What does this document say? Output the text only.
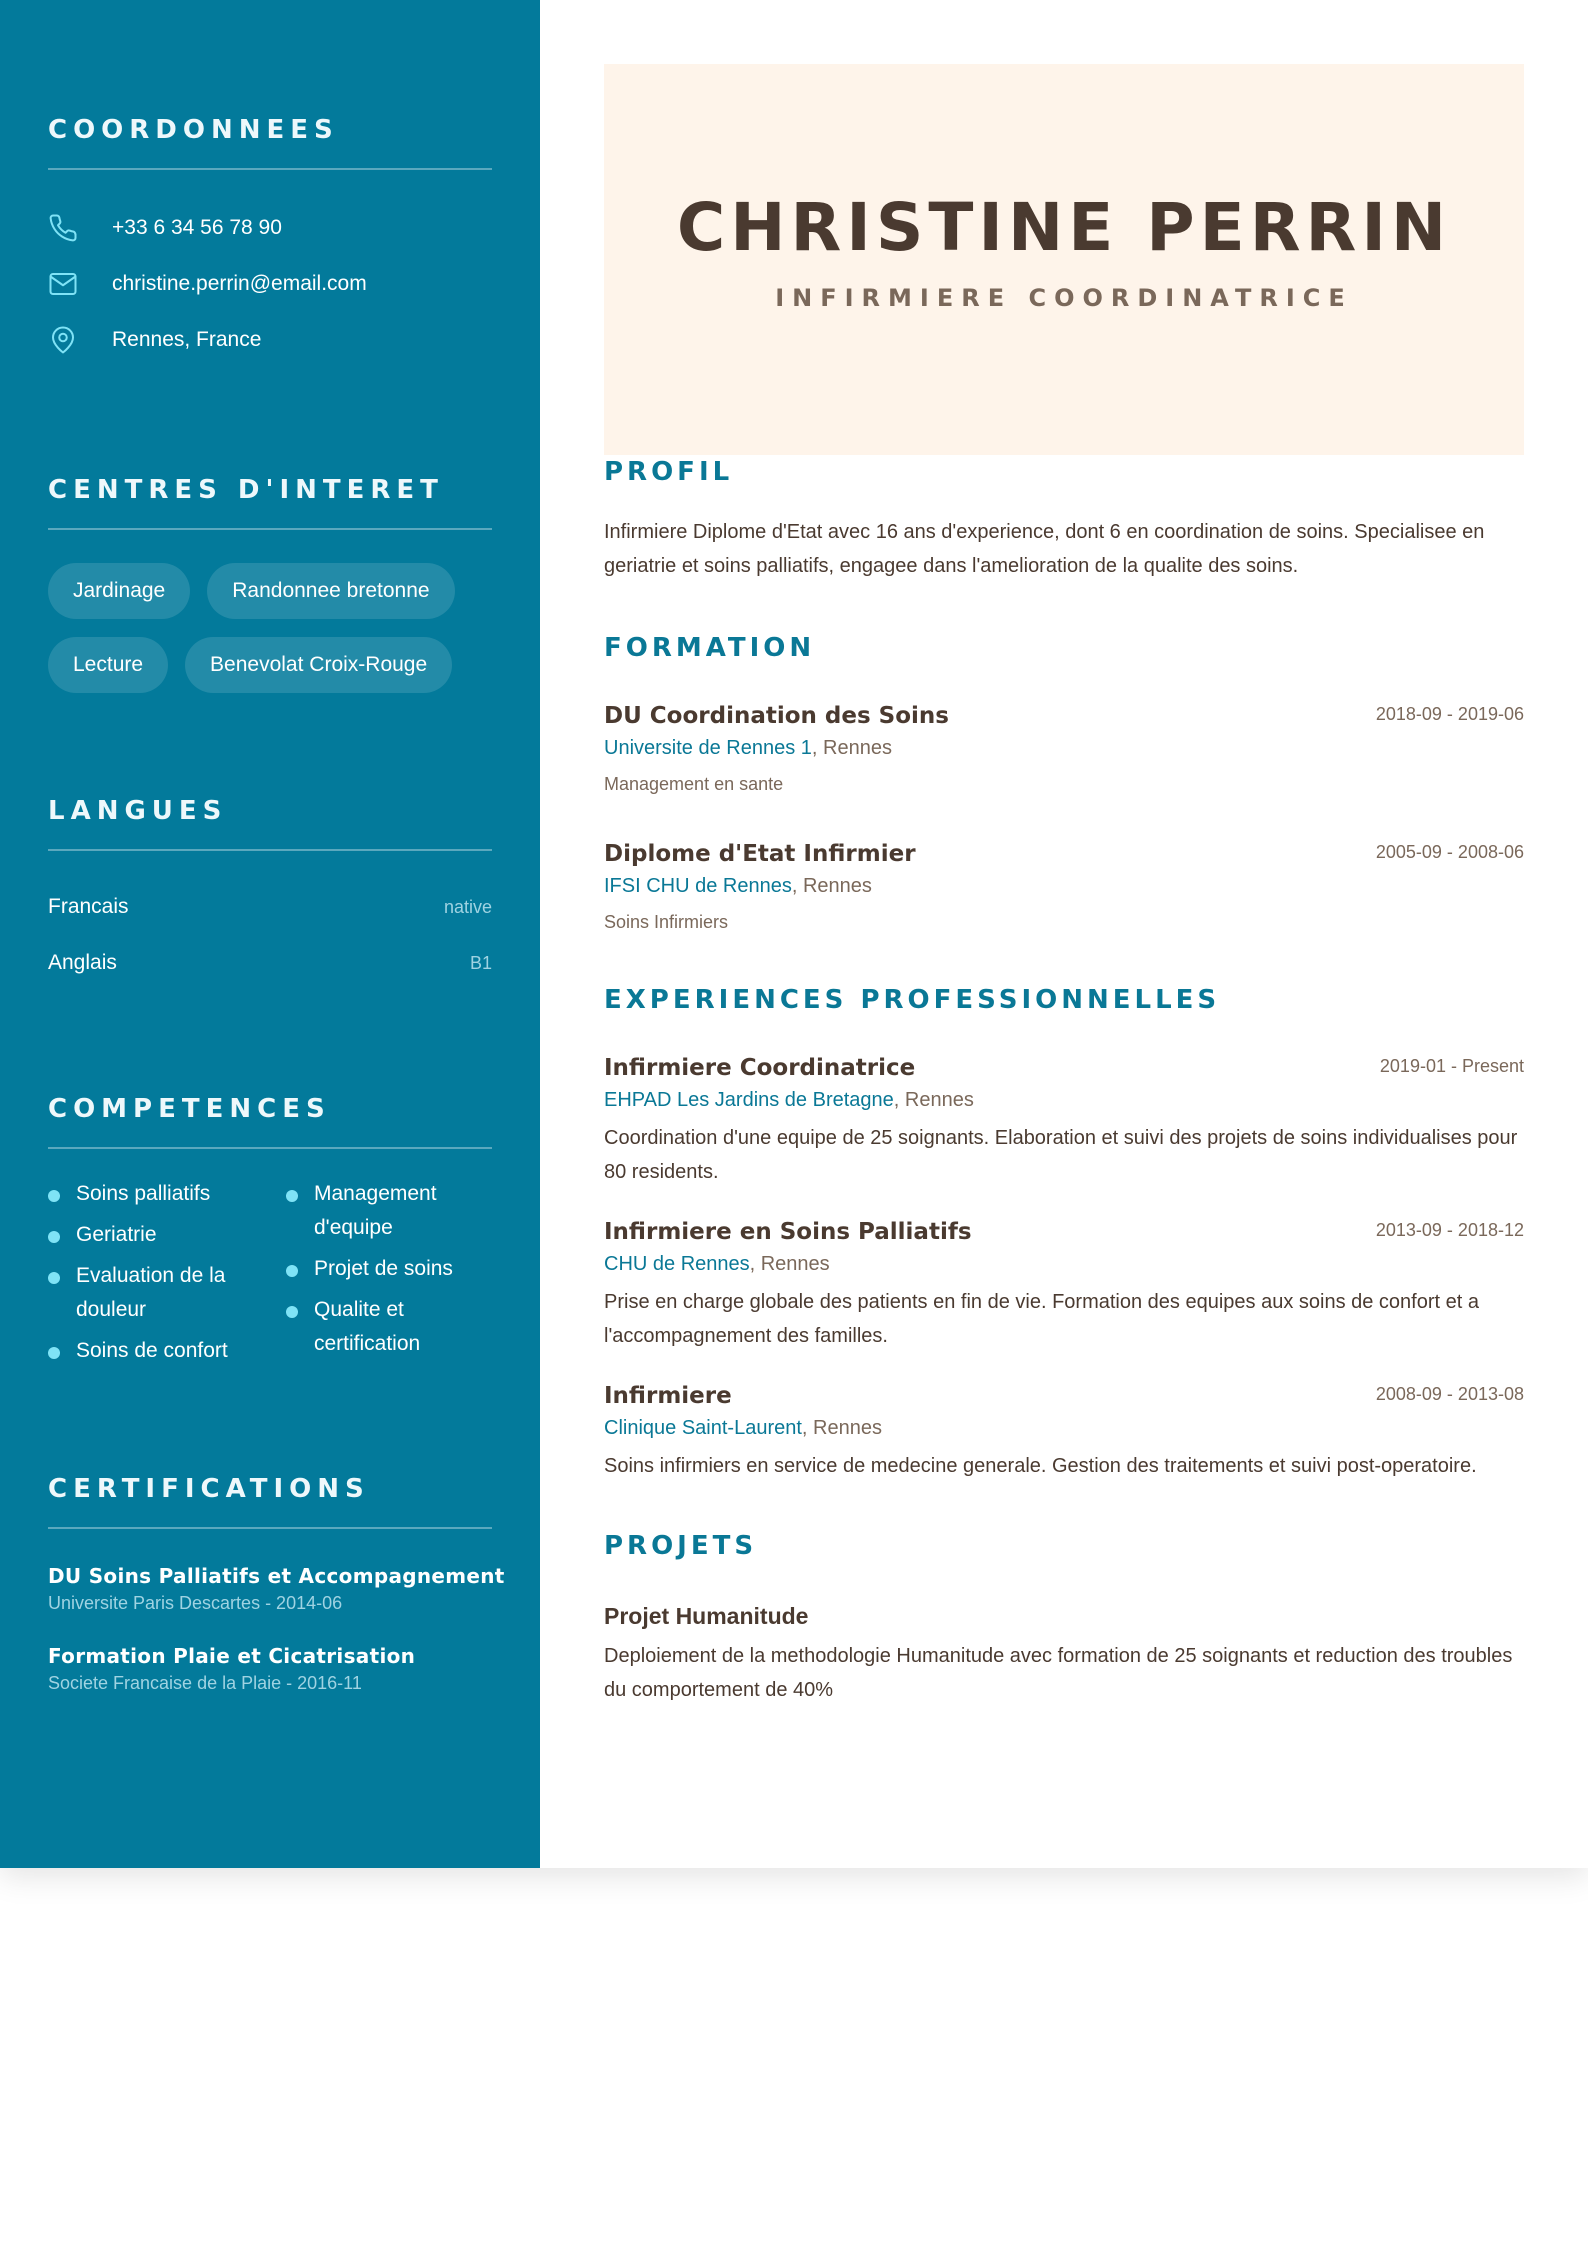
COORDONNEES
+33 6 34 56 78 90
christine.perrin@email.com
Rennes, France
CENTRES D'INTERET
Jardinage	Randonnee bretonne
Lecture	Benevolat Croix-Rouge
LANGUES
Francais	native
Anglais	B1
COMPETENCES
Soins palliatifs
Geriatrie
Evaluation de la douleur
Soins de confort
Management d'equipe
Projet de soins
Qualite et certification
CERTIFICATIONS
DU Soins Palliatifs et Accompagnement
Universite Paris Descartes - 2014-06
Formation Plaie et Cicatrisation
Societe Francaise de la Plaie - 2016-11
CHRISTINE PERRIN
INFIRMIERE COORDINATRICE
PROFIL

Infirmiere Diplome d'Etat avec 16 ans d'experience, dont 6 en coordination de soins. Specialisee en geriatrie et soins palliatifs, engagee dans l'amelioration de la qualite des soins.

FORMATION
DU Coordination des Soins	2018-09 - 2019-06
Universite de Rennes 1, Rennes
Management en sante
Diplome d'Etat Infirmier	2005-09 - 2008-06
IFSI CHU de Rennes, Rennes
Soins Infirmiers
EXPERIENCES PROFESSIONNELLES
Infirmiere Coordinatrice	2019-01 - Present
EHPAD Les Jardins de Bretagne, Rennes

Coordination d'une equipe de 25 soignants. Elaboration et suivi des projets de soins individualises pour 80 residents.

Infirmiere en Soins Palliatifs	2013-09 - 2018-12
CHU de Rennes, Rennes

Prise en charge globale des patients en fin de vie. Formation des equipes aux soins de confort et a l'accompagnement des familles.

Infirmiere	2008-09 - 2013-08
Clinique Saint-Laurent, Rennes

Soins infirmiers en service de medecine generale. Gestion des traitements et suivi post-operatoire.

PROJETS
Projet Humanitude

Deploiement de la methodologie Humanitude avec formation de 25 soignants et reduction des troubles du comportement de 40%
